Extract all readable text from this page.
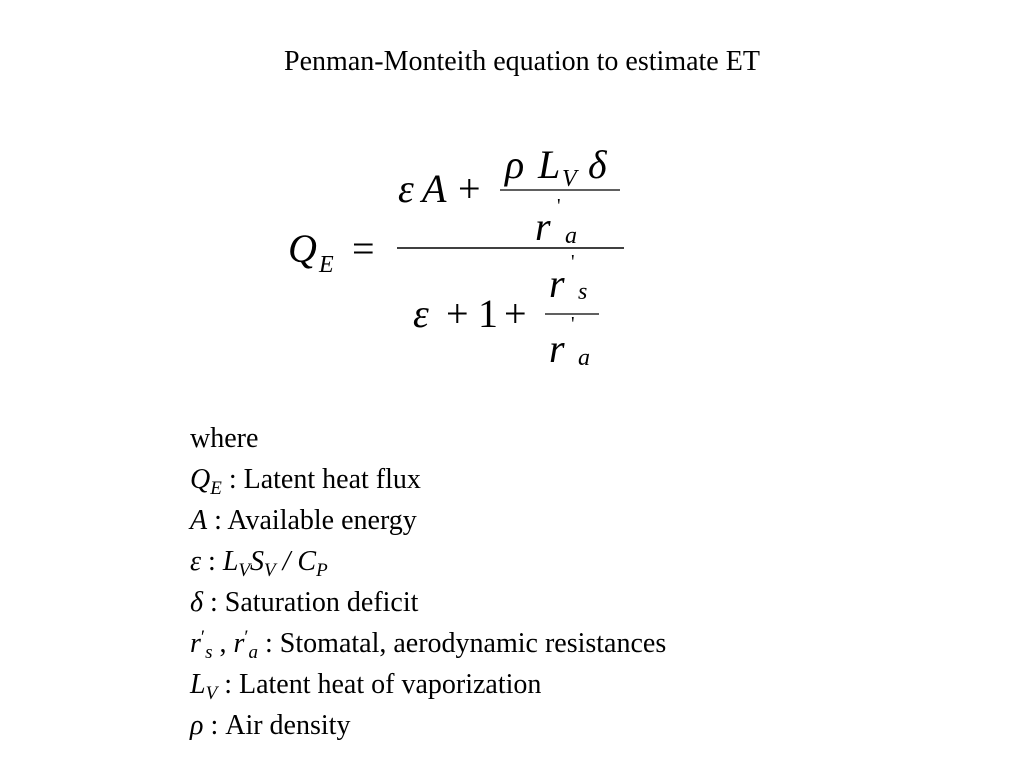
Penman-Monteith equation to estimate ET
Q E =
ε A +
ρ L V δ
'
r a
'
r s
ε + 1 + '
r a
where
$Q_E$ : Latent heat flux
A : Available energy
ε : $L_VS_V / C_P$
δ : Saturation deficit
$r'_s$ , $r'_a$ : Stomatal, aerodynamic resistances
$L_V$ : Latent heat of vaporization
ρ : Air density
